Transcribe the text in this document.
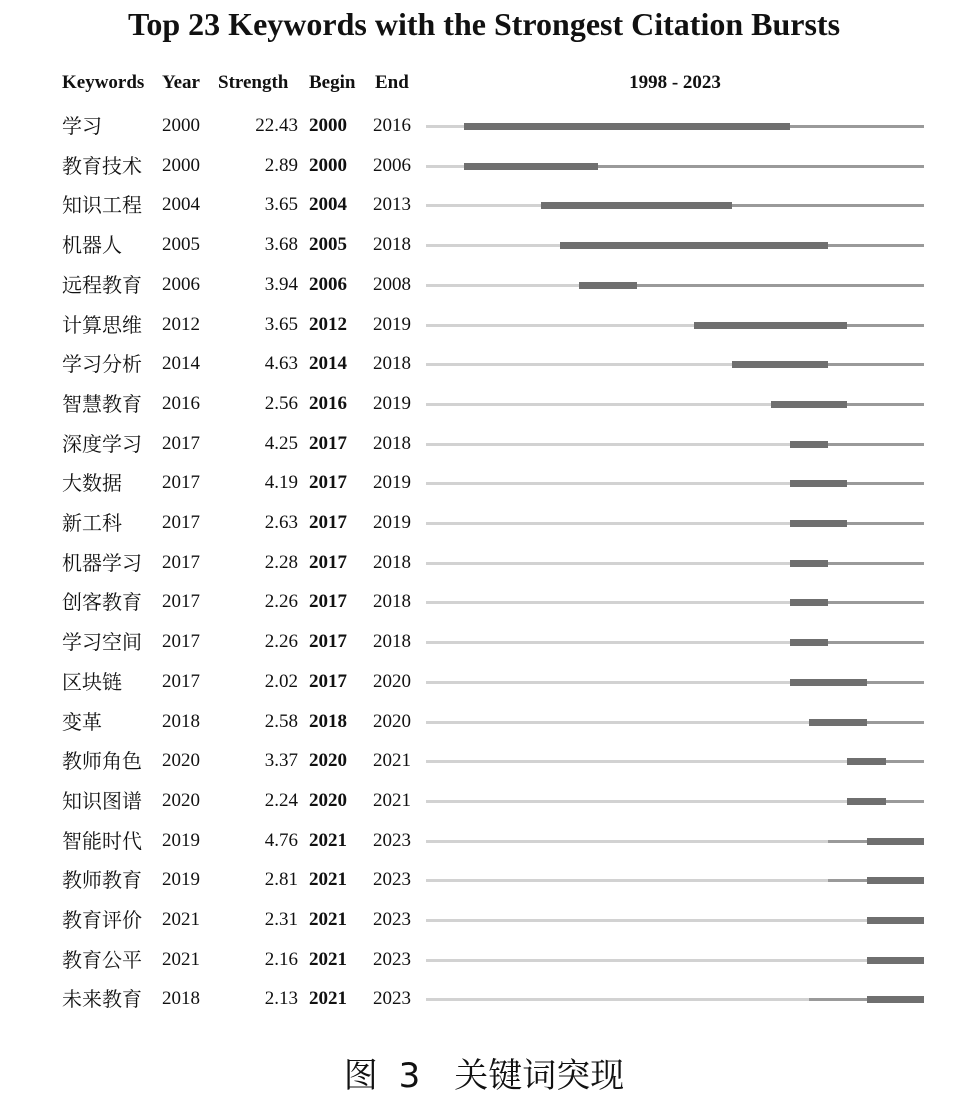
Top 23 Keywords with the Strongest Citation Bursts
Keywords Year Strength Begin End	1998 - 2023
学习	2000	22.43 2000 2016
教育技术 2000	2.89 2000 2006
知识工程 2004	3.65 2004 2013
机器人 2005	3.68 2005 2018
远程教育 2006	3.94 2006 2008
计算思维 2012	3.65 2012 2019
学习分析 2014	4.63 2014 2018
智慧教育 2016	2.56 2016 2019
深度学习 2017	4.25 2017 2018
大数据 2017	4.19 2017 2019
新工科 2017	2.63 2017 2019
机器学习 2017	2.28 2017 2018
创客教育 2017	2.26 2017 2018
学习空间 2017	2.26 2017 2018
区块链 2017	2.02 2017 2020
变革	2018	2.58 2018 2020
教师角色 2020	3.37 2020 2021
知识图谱 2020	2.24 2020 2021
智能时代 2019	4.76 2021 2023
教师教育 2019	2.81 2021 2023
教育评价 2021	2.31 2021 2023
教育公平 2021	2.16 2021 2023
未来教育 2018	2.13 2021 2023
图 3　关键词突现
